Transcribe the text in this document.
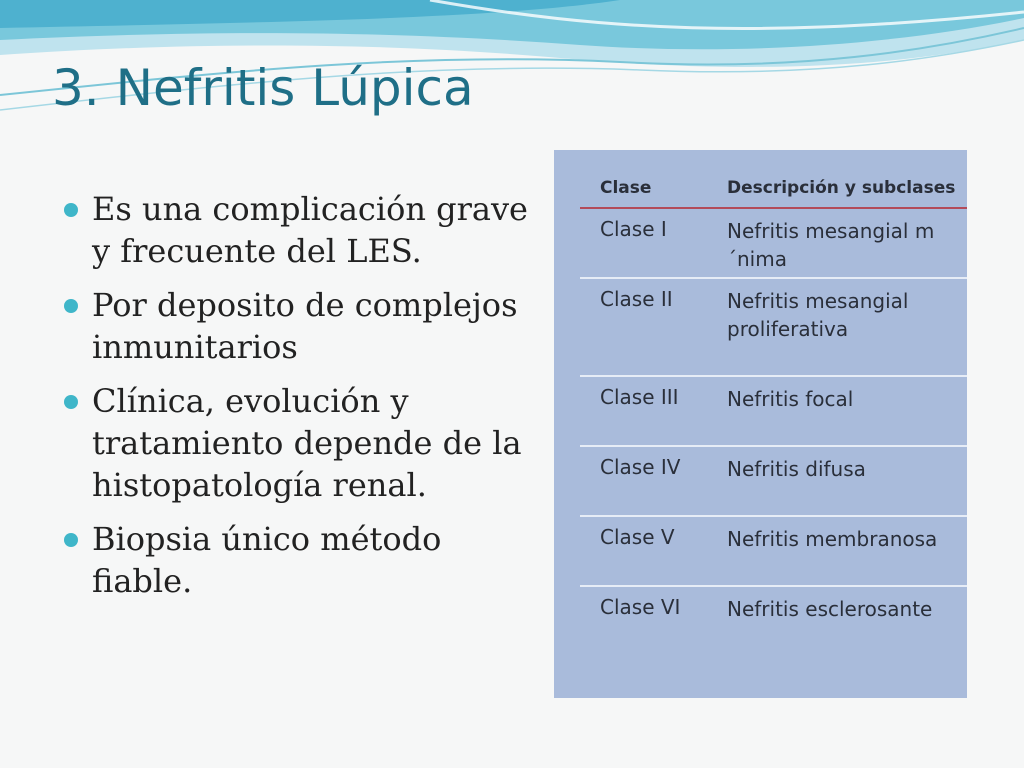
3. Nefritis Lúpica
Es una complicación grave y frecuente del LES.
Por deposito de complejos inmunitarios
Clínica, evolución y tratamiento depende de la histopatología renal.
Biopsia único método fiable.
Clase	Descripción y subclases
Clase I	Nefritis mesangial m´nima
Clase II	Nefritis mesangial proliferativa
Clase III Nefritis focal
Clase IV Nefritis difusa
Clase V	Nefritis membranosa
Clase VI Nefritis esclerosante
